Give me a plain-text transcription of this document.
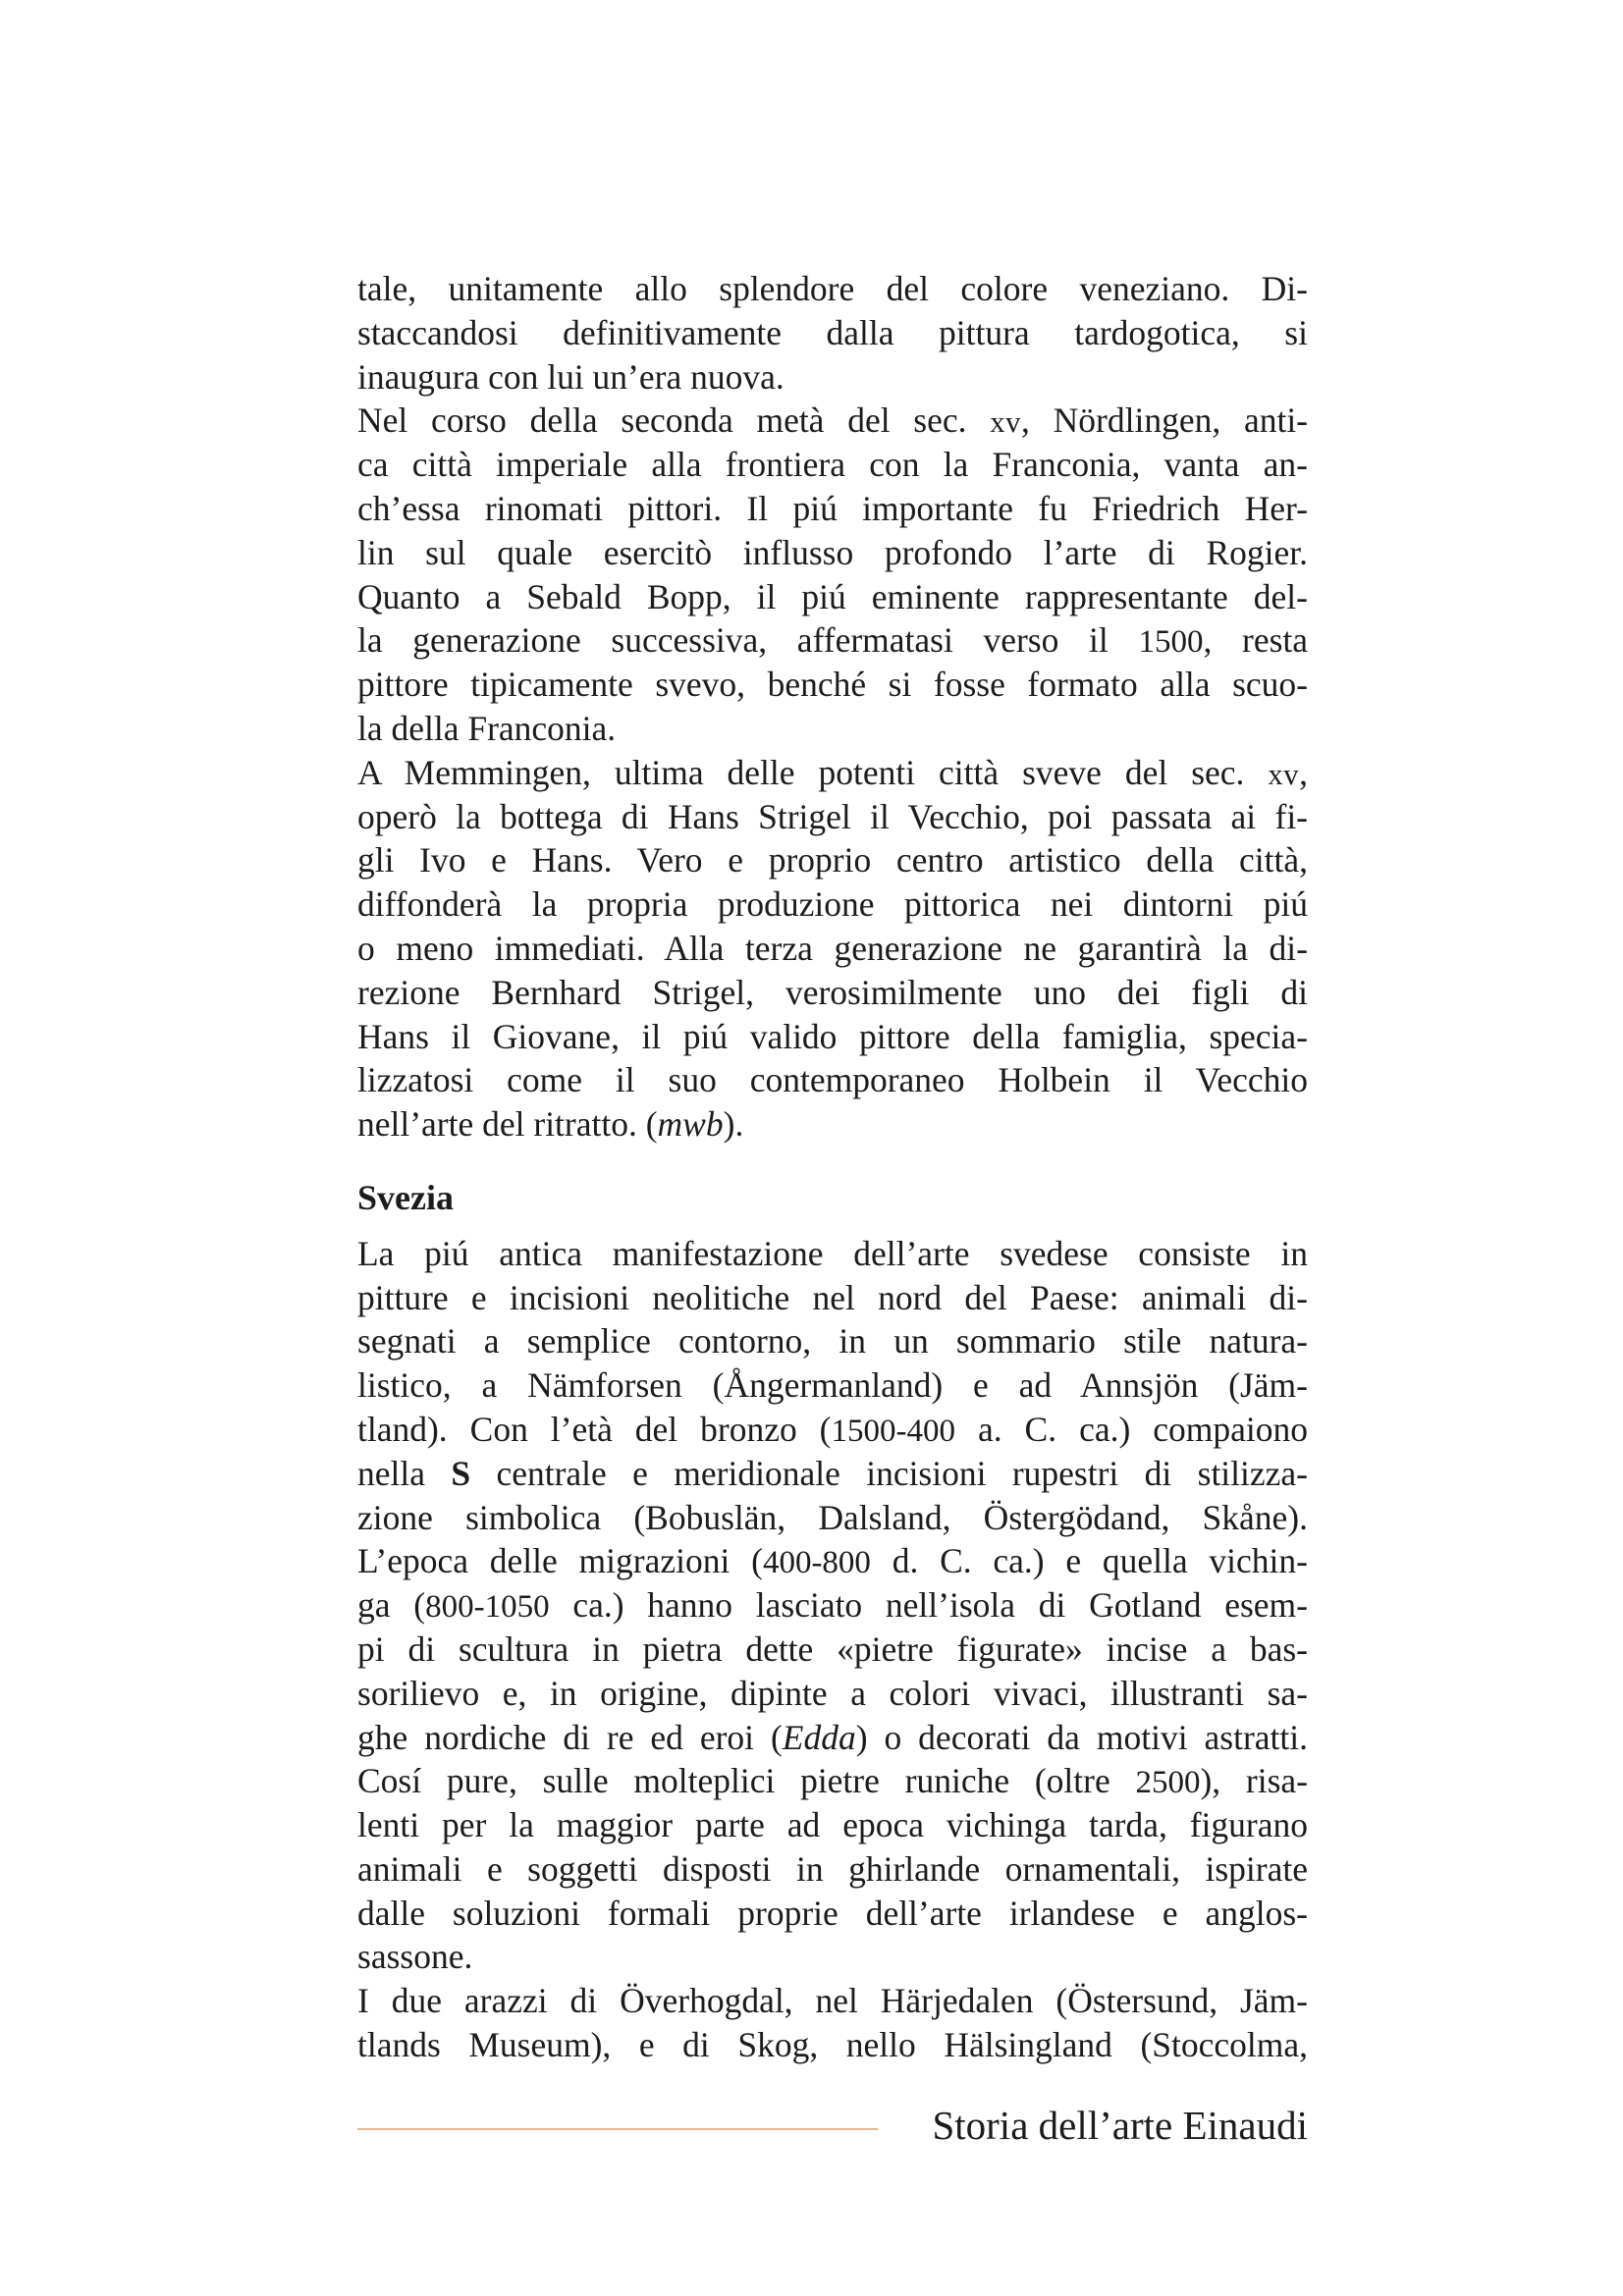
tale, unitamente allo splendore del colore veneziano. Di-
staccandosi definitivamente dalla pittura tardogotica, si
inaugura con lui un’era nuova.
Nel corso della seconda metà del sec. xv, Nördlingen, anti-
ca città imperiale alla frontiera con la Franconia, vanta an-
ch’essa rinomati pittori. Il piú importante fu Friedrich Her-
lin sul quale esercitò influsso profondo l’arte di Rogier.
Quanto a Sebald Bopp, il piú eminente rappresentante del-
la generazione successiva, affermatasi verso il 1500, resta
pittore tipicamente svevo, benché si fosse formato alla scuo-
la della Franconia.
A Memmingen, ultima delle potenti città sveve del sec. xv,
operò la bottega di Hans Strigel il Vecchio, poi passata ai fi-
gli Ivo e Hans. Vero e proprio centro artistico della città,
diffonderà la propria produzione pittorica nei dintorni piú
o meno immediati. Alla terza generazione ne garantirà la di-
rezione Bernhard Strigel, verosimilmente uno dei figli di
Hans il Giovane, il piú valido pittore della famiglia, specia-
lizzatosi come il suo contemporaneo Holbein il Vecchio
nell’arte del ritratto. (mwb).
Svezia
La piú antica manifestazione dell’arte svedese consiste in
pitture e incisioni neolitiche nel nord del Paese: animali di-
segnati a semplice contorno, in un sommario stile natura-
listico, a Nämforsen (Ångermanland) e ad Annsjön (Jäm-
tland). Con l’età del bronzo (1500-400 a. C. ca.) compaiono
nella S centrale e meridionale incisioni rupestri di stilizza-
zione simbolica (Bobuslän, Dalsland, Östergödand, Skåne).
L’epoca delle migrazioni (400-800 d. C. ca.) e quella vichin-
ga (800-1050 ca.) hanno lasciato nell’isola di Gotland esem-
pi di scultura in pietra dette «pietre figurate» incise a bas-
sorilievo e, in origine, dipinte a colori vivaci, illustranti sa-
ghe nordiche di re ed eroi (Edda) o decorati da motivi astratti.
Cosí pure, sulle molteplici pietre runiche (oltre 2500), risa-
lenti per la maggior parte ad epoca vichinga tarda, figurano
animali e soggetti disposti in ghirlande ornamentali, ispirate
dalle soluzioni formali proprie dell’arte irlandese e anglos-
sassone.
I due arazzi di Överhogdal, nel Härjedalen (Östersund, Jäm-
tlands Museum), e di Skog, nello Hälsingland (Stoccolma,
Storia dell’arte Einaudi
